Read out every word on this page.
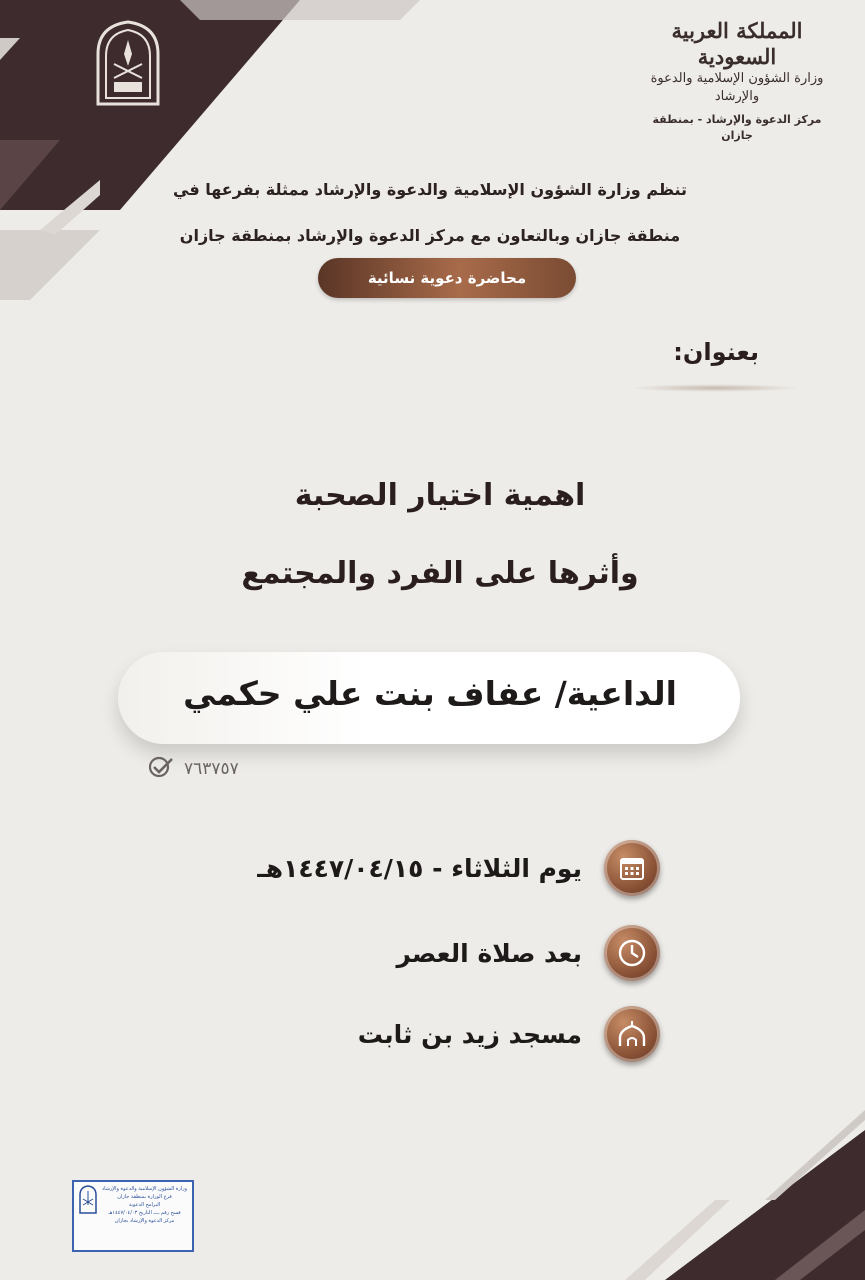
المملكة العربية السعودية
وزارة الشؤون الإسلامية والدعوة والإرشاد
مركز الدعوة والإرشاد - بمنطقة جازان
تنظم وزارة الشؤون الإسلامية والدعوة والإرشاد ممثلة بفرعها في
منطقة جازان وبالتعاون مع مركز الدعوة والإرشاد بمنطقة جازان
محاضرة دعوية نسائية
بعنوان:
اهمية اختيار الصحبة
وأثرها على الفرد والمجتمع
الداعية/ عفاف بنت علي حكمي
٧٦٣٧٥٧
يوم الثلاثاء - ١٤٤٧/٠٤/١٥هـ
بعد صلاة العصر
مسجد زيد بن ثابت
وزارة الشؤون الإسلامية والدعوة والإرشاد
فرع الوزارة بمنطقة جازان
البرامج الدعوية
فسح رقم ــــ التاريخ ١٤٤٧/٠٤/٠٣هـ
مركز الدعوة والإرشاد بجازان
